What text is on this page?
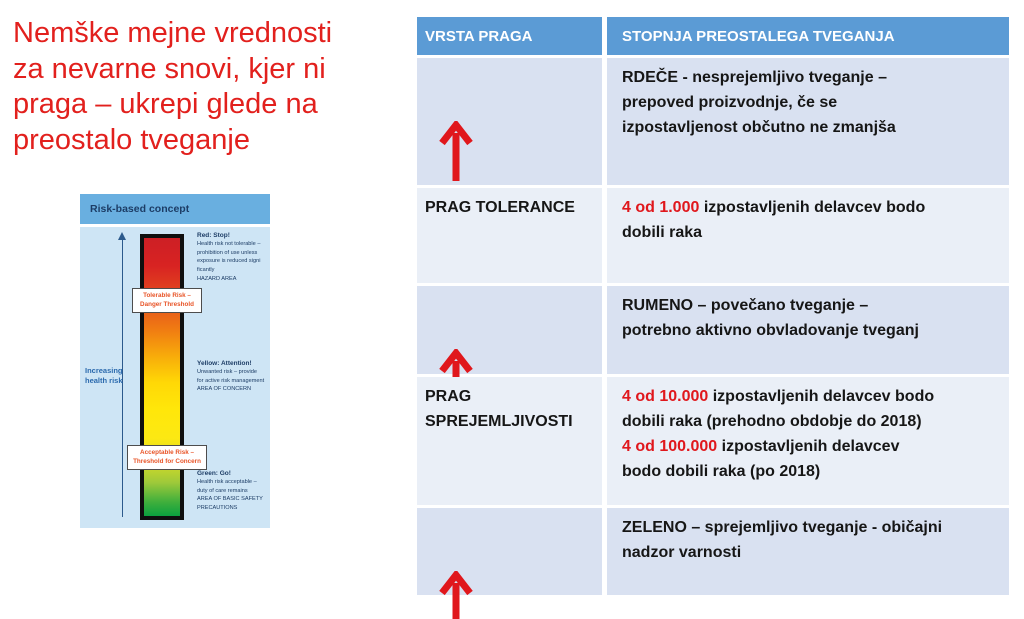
Nemške mejne vrednosti
za nevarne snovi, kjer ni
praga – ukrepi glede na
preostalo tveganje
Risk-based concept
Increasing
health risk
Tolerable Risk –
Danger Threshold
Acceptable Risk –
Threshold for Concern
Red: Stop!
Health risk not tolerable –
prohibition of use unless
exposure is reduced signi
ficantly
HAZARD AREA
Yellow: Attention!
Unwanted risk – provide
for active risk management
AREA OF CONCERN
Green: Go!
Health risk acceptable –
duty of care remains
AREA OF BASIC SAFETY
PRECAUTIONS
VRSTA PRAGA	STOPNJA PREOSTALEGA TVEGANJA

RDEČE - nesprejemljivo tveganje –
prepoved proizvodnje, če se
izpostavljenost občutno ne zmanjša
PRAG TOLERANCE	4 od 1.000 izpostavljenih delavcev bodo
dobili raka

RUMENO – povečano tveganje –
potrebno aktivno obvladovanje tveganj
PRAG
SPREJEMLJIVOSTI
4 od 10.000 izpostavljenih delavcev bodo
dobili raka (prehodno obdobje do 2018)
4 od 100.000 izpostavljenih delavcev
bodo dobili raka (po 2018)

ZELENO – sprejemljivo tveganje - običajni
nadzor varnosti
